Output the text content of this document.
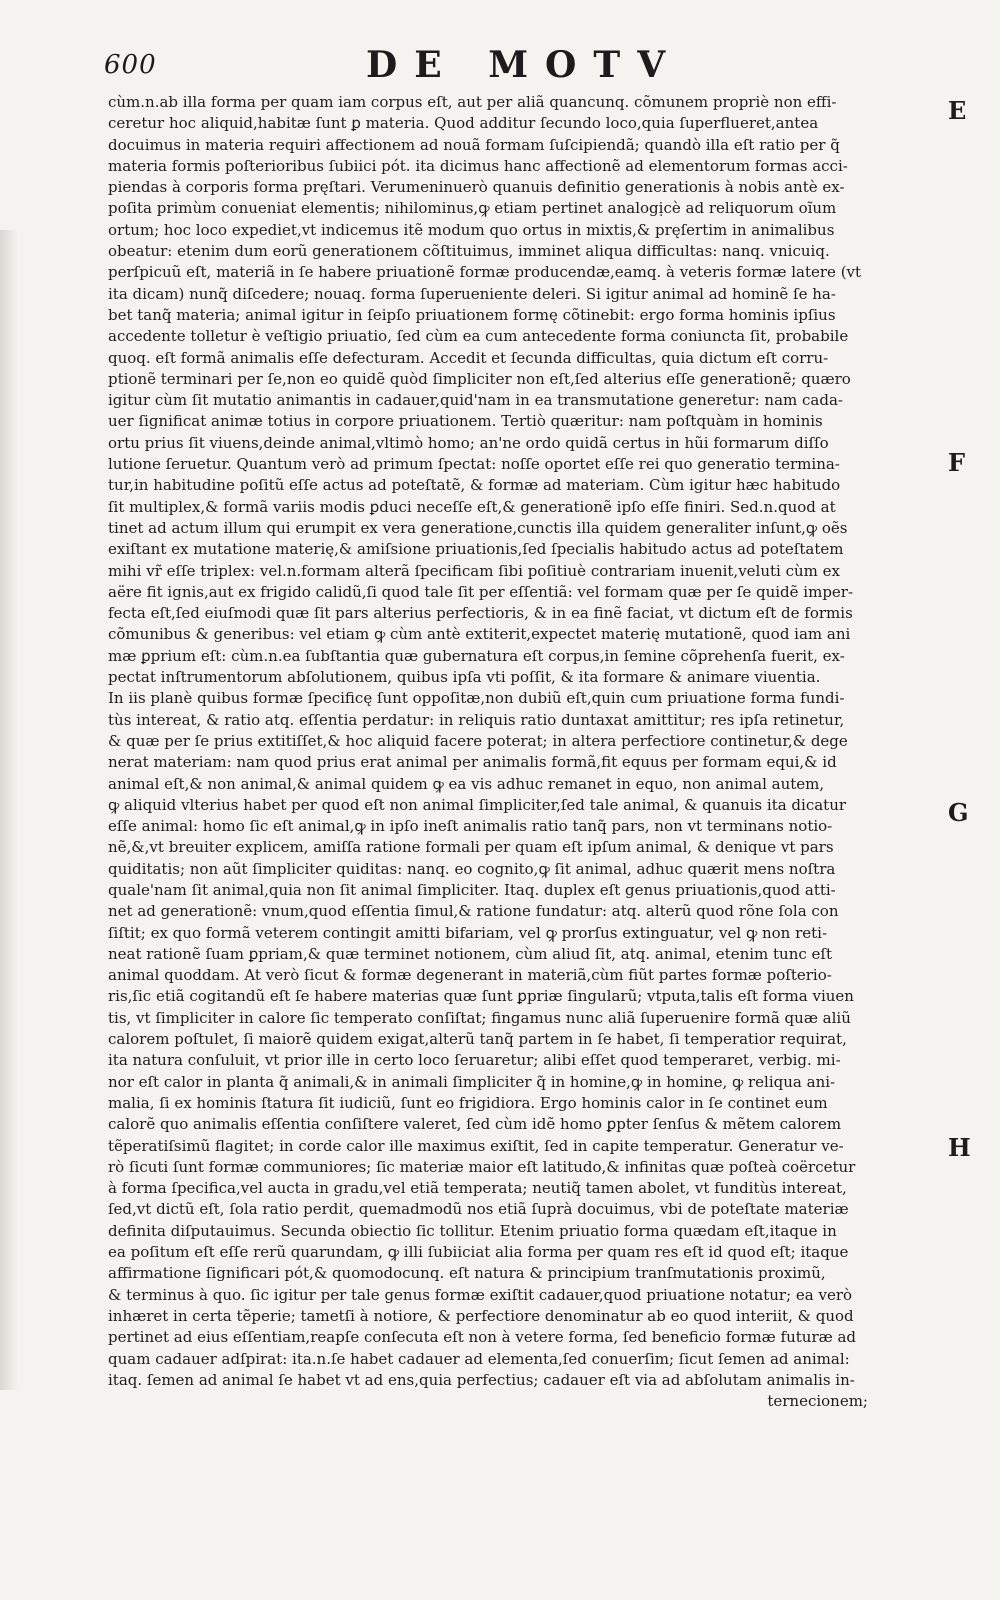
600	DE MOTV
cùm.n.ab illa forma per quam iam corpus eſt, aut per aliã quancunq. cõmunem propriè non effi-
ceretur hoc aliquid,habitæ ſunt ꝑ materia. Quod additur ſecundo loco,quia ſuperflueret,antea
docuimus in materia requiri affectionem ad nouã formam ſuſcipiendã; quandò illa eſt ratio per q̃
materia formis poſterioribus ſubiici pót. ita dicimus hanc affectionẽ ad elementorum formas acci-
piendas à corporis forma pręſtari. Verumeninuerò quanuis definitio generationis à nobis antè ex-
poſita primùm conueniat elementis; nihilominus,ꝙ etiam pertinet analogịcè ad reliquorum oĩum
ortum; hoc loco expediet,vt indicemus itẽ modum quo ortus in mixtis,& pręſertim in animalibus
obeatur: etenim dum eorũ generationem cõſtituimus, imminet aliqua difficultas: nanq. vnicuiq.
perſpicuũ eſt, materiã in ſe habere priuationẽ formæ producendæ,eamq. à veteris formæ latere (vt
ita dicam) nunq̃ diſcedere; nouaq. forma ſuperueniente deleri. Si igitur animal ad hominẽ ſe ha-
bet tanq̃ materia; animal igitur in ſeipſo priuationem formę cõtinebit: ergo forma hominis ipſius
accedente tolletur è veſtigio priuatio, ſed cùm ea cum antecedente forma coniuncta ſit, probabile
quoq. eſt formã animalis eſſe defecturam. Accedit et ſecunda difficultas, quia dictum eſt corru-
ptionẽ terminari per ſe,non eo quidẽ quòd ſimpliciter non eſt,ſed alterius eſſe generationẽ; quæro
igitur cùm ſit mutatio animantis in cadauer,quid'nam in ea transmutatione generetur: nam cada-
uer ſignificat animæ totius in corpore priuationem. Tertiò quæritur: nam poſtquàm in hominis
ortu prius ſit viuens,deinde animal,vltimò homo; an'ne ordo quidã certus in hũi formarum diſſo
lutione ſeruetur. Quantum verò ad primum ſpectat: noſſe oportet eſſe rei quo generatio termina-
tur,in habitudine poſitũ eſſe actus ad poteſtatẽ, & formæ ad materiam. Cùm igitur hæc habitudo
ſit multiplex,& formã variis modis ꝑduci neceſſe eſt,& generationẽ ipſo eſſe finiri. Sed.n.quod at
tinet ad actum illum qui erumpit ex vera generatione,cunctis illa quidem generaliter inſunt,ꝙ oẽs
exiſtant ex mutatione materię,& amiſsione priuationis,ſed ſpecialis habitudo actus ad poteſtatem
mihi vr̃ eſſe triplex: vel.n.formam alterã ſpecificam ſibi poſitiuè contrariam inuenit,veluti cùm ex
aëre fit ignis,aut ex frigido calidũ,ſi quod tale ſit per eſſentiã: vel formam quæ per ſe quidẽ imper-
fecta eſt,ſed eiuſmodi quæ ſit pars alterius perfectioris, & in ea finẽ faciat, vt dictum eſt de formis
cõmunibus & generibus: vel etiam ꝙ cùm antè extiterit,expectet materię mutationẽ, quod iam ani
mæ ꝑprium eſt: cùm.n.ea ſubſtantia quæ gubernatura eſt corpus,in ſemine cõprehenſa fuerit, ex-
pectat inſtrumentorum abſolutionem, quibus ipſa vti poſſit, & ita formare & animare viuentia.
In iis planè quibus formæ ſpecificę ſunt oppoſitæ,non dubiũ eſt,quin cum priuatione forma fundi-
tùs intereat, & ratio atq. eſſentia perdatur: in reliquis ratio duntaxat amittitur; res ipſa retinetur,
& quæ per ſe prius extitiſſet,& hoc aliquid facere poterat; in altera perfectiore continetur,& dege
nerat materiam: nam quod prius erat animal per animalis formã,fit equus per formam equi,& id
animal eſt,& non animal,& animal quidem ꝙ ea vis adhuc remanet in equo, non animal autem,
ꝙ aliquid vlterius habet per quod eſt non animal ſimpliciter,ſed tale animal, & quanuis ita dicatur
eſſe animal: homo ſic eſt animal,ꝙ in ipſo ineſt animalis ratio tanq̃ pars, non vt terminans notio-
nẽ,&,vt breuiter explicem, amiſſa ratione formali per quam eſt ipſum animal, & denique vt pars
quiditatis; non aũt ſimpliciter quiditas: nanq. eo cognito,ꝙ ſit animal, adhuc quærit mens noſtra
quale'nam ſit animal,quia non ſit animal ſimpliciter. Itaq. duplex eſt genus priuationis,quod atti-
net ad generationẽ: vnum,quod eſſentia ſimul,& ratione fundatur: atq. alterũ quod rõne ſola con
ſiſtit; ex quo formã veterem contingit amitti bifariam, vel ꝙ prorſus extinguatur, vel ꝙ non reti-
neat rationẽ ſuam ꝑpriam,& quæ terminet notionem, cùm aliud ſit, atq. animal, etenim tunc eſt
animal quoddam. At verò ſicut & formæ degenerant in materiã,cùm fiũt partes formæ poſterio-
ris,ſic etiã cogitandũ eſt ſe habere materias quæ ſunt ꝑpriæ ſingularũ; vtputa,talis eſt forma viuen
tis, vt ſimpliciter in calore ſic temperato conſiſtat; fingamus nunc aliã ſuperuenire formã quæ aliũ
calorem poſtulet, ſi maiorẽ quidem exigat,alterũ tanq̃ partem in ſe habet, ſi temperatior requirat,
ita natura conſuluit, vt prior ille in certo loco ſeruaretur; alibi eſſet quod temperaret, verbig. mi-
nor eſt calor in planta q̃ animali,& in animali ſimpliciter q̃ in homine,ꝙ in homine, ꝙ reliqua ani-
malia, ſi ex hominis ſtatura ſit iudiciũ, ſunt eo frigidiora. Ergo hominis calor in ſe continet eum
calorẽ quo animalis eſſentia conſiſtere valeret, ſed cùm idẽ homo ꝑpter ſenſus & mẽtem calorem
tẽperatiſsimũ flagitet; in corde calor ille maximus exiſtit, ſed in capite temperatur. Generatur ve-
rò ſicuti ſunt formæ communiores; ſic materiæ maior eſt latitudo,& infinitas quæ poſteà coërcetur
à forma ſpecifica,vel aucta in gradu,vel etiã temperata; neutiq̃ tamen abolet, vt funditùs intereat,
ſed,vt dictũ eſt, ſola ratio perdit, quemadmodũ nos etiã ſuprà docuimus, vbi de poteſtate materiæ
definita diſputauimus. Secunda obiectio ſic tollitur. Etenim priuatio forma quædam eſt,itaque in
ea poſitum eſt eſſe rerũ quarundam, ꝙ illi ſubiiciat alia forma per quam res eſt id quod eſt; itaque
affirmatione ſignificari pót,& quomodocunq. eſt natura & principium tranſmutationis proximũ,
& terminus à quo. ſic igitur per tale genus formæ exiſtit cadauer,quod priuatione notatur; ea verò
inhæret in certa tẽperie; tametſi à notiore, & perfectiore denominatur ab eo quod interiit, & quod
pertinet ad eius eſſentiam,reapſe conſecuta eſt non à vetere forma, ſed beneficio formæ futuræ ad
quam cadauer adſpirat: ita.n.ſe habet cadauer ad elementa,ſed conuerſim; ſicut ſemen ad animal:
itaq. ſemen ad animal ſe habet vt ad ens,quia perfectius; cadauer eſt via ad abſolutam animalis in-
ternecionem;
E
F
G
H
